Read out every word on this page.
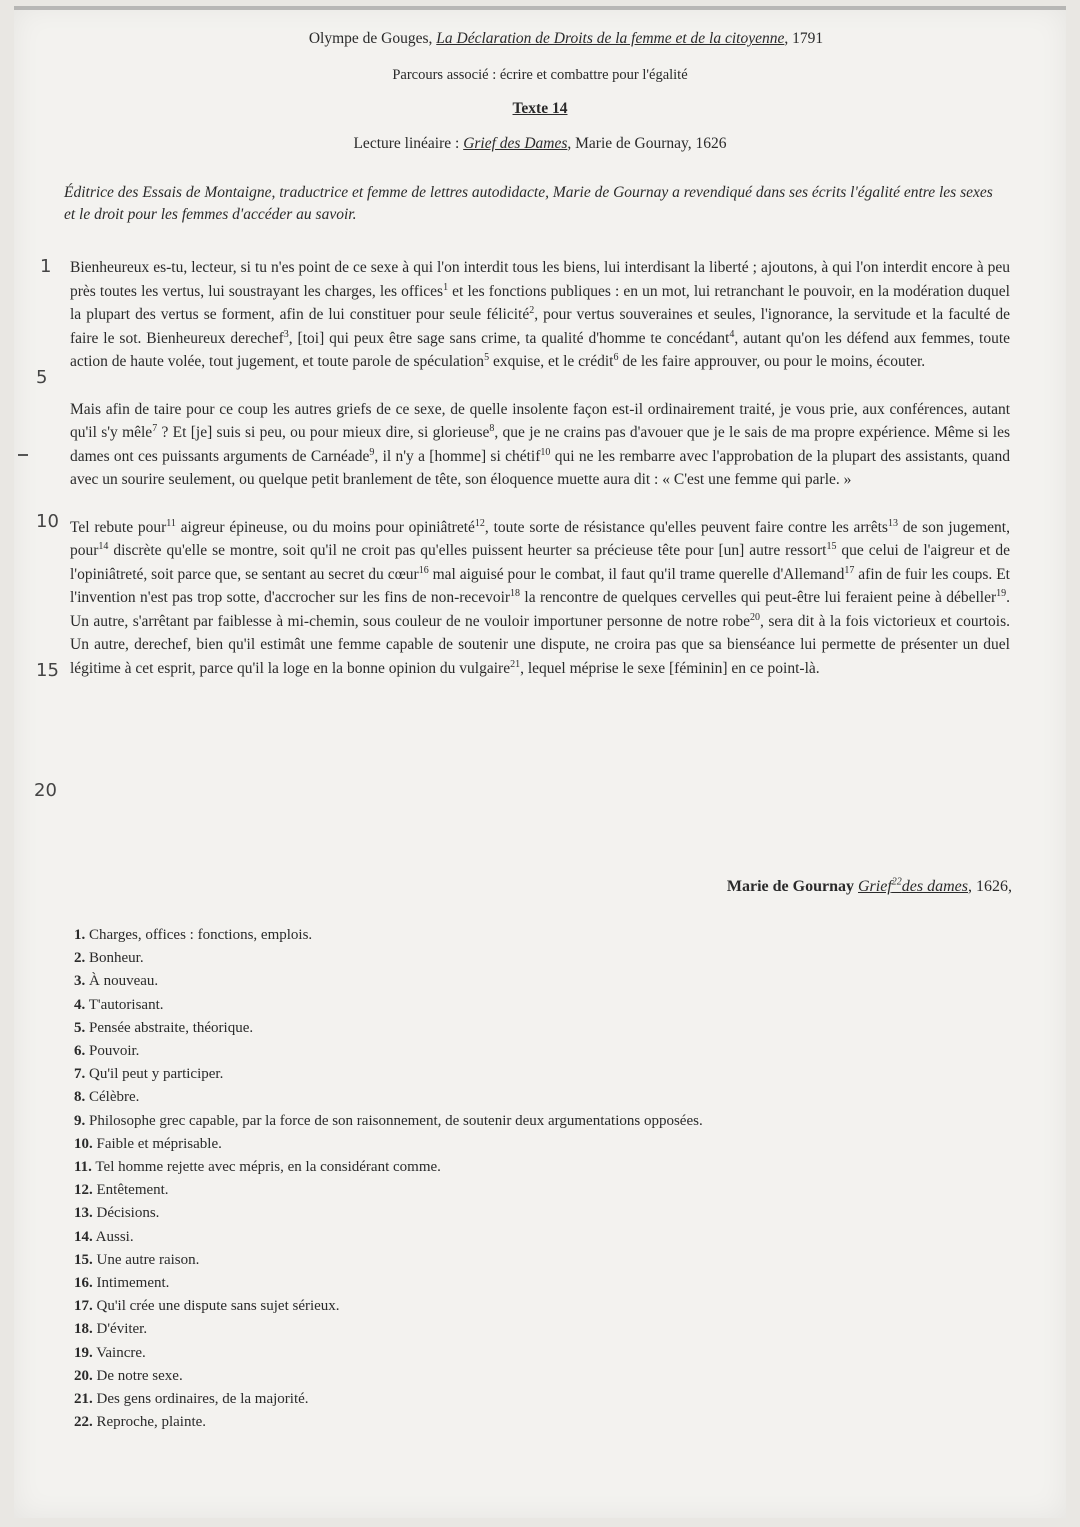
Olympe de Gouges, La Déclaration de Droits de la femme et de la citoyenne, 1791
Parcours associé : écrire et combattre pour l'égalité
Texte 14
Lecture linéaire : Grief des Dames, Marie de Gournay, 1626
Éditrice des Essais de Montaigne, traductrice et femme de lettres autodidacte, Marie de Gournay a revendiqué dans ses écrits l'égalité entre les sexes et le droit pour les femmes d'accéder au savoir.
1
5
10
15
20

Bienheureux es-tu, lecteur, si tu n'es point de ce sexe à qui l'on interdit tous les biens, lui interdisant la liberté ; ajoutons, à qui l'on interdit encore à peu près toutes les vertus, lui soustrayant les charges, les offices$^1$ et les fonctions publiques : en un mot, lui retranchant le pouvoir, en la modération duquel la plupart des vertus se forment, afin de lui constituer pour seule félicité$^2$, pour vertus souveraines et seules, l'ignorance, la servitude et la faculté de faire le sot. Bienheureux derechef$^3$, [toi] qui peux être sage sans crime, ta qualité d'homme te concédant$^4$, autant qu'on les défend aux femmes, toute action de haute volée, tout jugement, et toute parole de spéculation$^5$ exquise, et le crédit$^6$ de les faire approuver, ou pour le moins, écouter.

Mais afin de taire pour ce coup les autres griefs de ce sexe, de quelle insolente façon est-il ordinairement traité, je vous prie, aux conférences, autant qu'il s'y mêle$^7$ ? Et [je] suis si peu, ou pour mieux dire, si glorieuse$^8$, que je ne crains pas d'avouer que je le sais de ma propre expérience. Même si les dames ont ces puissants arguments de Carnéade$^9$, il n'y a [homme] si chétif$^{10}$ qui ne les rembarre avec l'approbation de la plupart des assistants, quand avec un sourire seulement, ou quelque petit branlement de tête, son éloquence muette aura dit : « C'est une femme qui parle. »

Tel rebute pour$^{11}$ aigreur épineuse, ou du moins pour opiniâtreté$^{12}$, toute sorte de résistance qu'elles peuvent faire contre les arrêts$^{13}$ de son jugement, pour$^{14}$ discrète qu'elle se montre, soit qu'il ne croit pas qu'elles puissent heurter sa précieuse tête pour [un] autre ressort$^{15}$ que celui de l'aigreur et de l'opiniâtreté, soit parce que, se sentant au secret du cœur$^{16}$ mal aiguisé pour le combat, il faut qu'il trame querelle d'Allemand$^{17}$ afin de fuir les coups. Et l'invention n'est pas trop sotte, d'accrocher sur les fins de non-recevoir$^{18}$ la rencontre de quelques cervelles qui peut-être lui feraient peine à débeller$^{19}$. Un autre, s'arrêtant par faiblesse à mi-chemin, sous couleur de ne vouloir importuner personne de notre robe$^{20}$, sera dit à la fois victorieux et courtois. Un autre, derechef, bien qu'il estimât une femme capable de soutenir une dispute, ne croira pas que sa bienséance lui permette de présenter un duel légitime à cet esprit, parce qu'il la loge en la bonne opinion du vulgaire$^{21}$, lequel méprise le sexe [féminin] en ce point-là.

Marie de Gournay Grief$^{22}$des dames, 1626,
1. Charges, offices : fonctions, emplois.
2. Bonheur.
3. À nouveau.
4. T'autorisant.
5. Pensée abstraite, théorique.
6. Pouvoir.
7. Qu'il peut y participer.
8. Célèbre.
9. Philosophe grec capable, par la force de son raisonnement, de soutenir deux argumentations opposées.
10. Faible et méprisable.
11. Tel homme rejette avec mépris, en la considérant comme.
12. Entêtement.
13. Décisions.
14. Aussi.
15. Une autre raison.
16. Intimement.
17. Qu'il crée une dispute sans sujet sérieux.
18. D'éviter.
19. Vaincre.
20. De notre sexe.
21. Des gens ordinaires, de la majorité.
22. Reproche, plainte.
